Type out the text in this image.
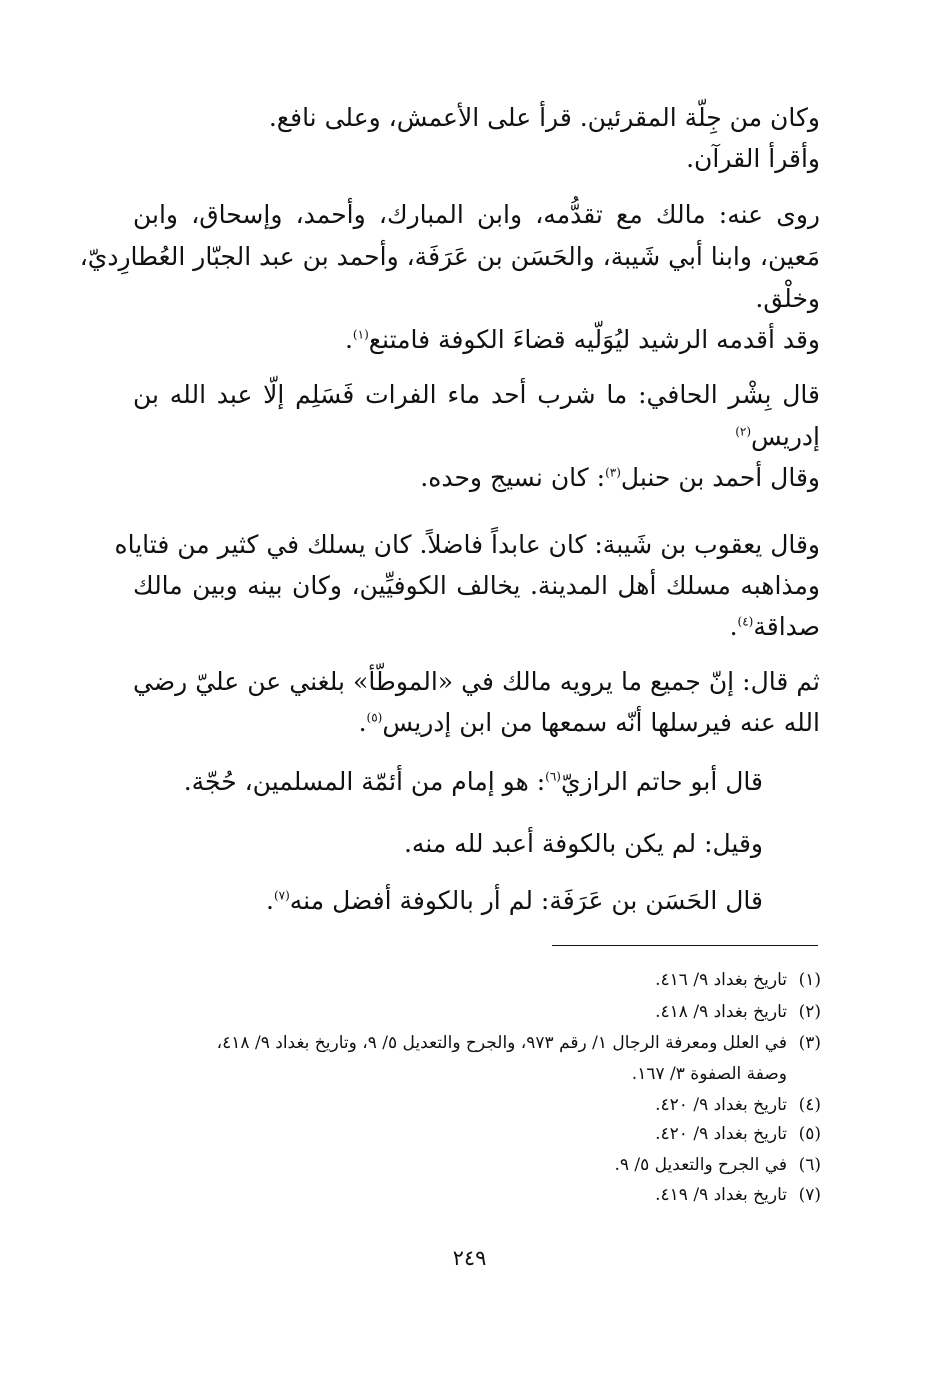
وكان من جِلّة المقرئين. قرأ على الأعمش، وعلى نافع.
وأقرأ القرآن.
روى عنه: مالك مع تقدُّمه، وابن المبارك، وأحمد، وإسحاق، وابن
مَعين، وابنا أبي شَيبة، والحَسَن بن عَرَفَة، وأحمد بن عبد الجبّار العُطارِديّ،
وخلْق.
وقد أقدمه الرشيد ليُوَلّيه قضاءَ الكوفة فامتنع$^{(١)}$.
قال بِشْر الحافي: ما شرب أحد ماء الفرات فَسَلِم إلّا عبد الله بن
إدريس$^{(٢)}$
وقال أحمد بن حنبل$^{(٣)}$: كان نسيج وحده.
وقال يعقوب بن شَيبة: كان عابداً فاضلاً. كان يسلك في كثير من فتاياه
ومذاهبه مسلك أهل المدينة. يخالف الكوفيِّين، وكان بينه وبين مالك
صداقة$^{(٤)}$.
ثم قال: إنّ جميع ما يرويه مالك في «الموطّأ» بلغني عن عليّ رضي
الله عنه فيرسلها أنّه سمعها من ابن إدريس$^{(٥)}$.
قال أبو حاتم الرازيّ$^{(٦)}$: هو إمام من أئمّة المسلمين، حُجّة.
وقيل: لم يكن بالكوفة أعبد لله منه.
قال الحَسَن بن عَرَفَة: لم أر بالكوفة أفضل منه$^{(٧)}$.
(١)تاريخ بغداد ٩/ ٤١٦.
(٢)تاريخ بغداد ٩/ ٤١٨.
(٣)في العلل ومعرفة الرجال ١/ رقم ٩٧٣، والجرح والتعديل ٥/ ٩، وتاريخ بغداد ٩/ ٤١٨،
وصفة الصفوة ٣/ ١٦٧.
(٤)تاريخ بغداد ٩/ ٤٢٠.
(٥)تاريخ بغداد ٩/ ٤٢٠.
(٦)في الجرح والتعديل ٥/ ٩.
(٧)تاريخ بغداد ٩/ ٤١٩.
٢٤٩
